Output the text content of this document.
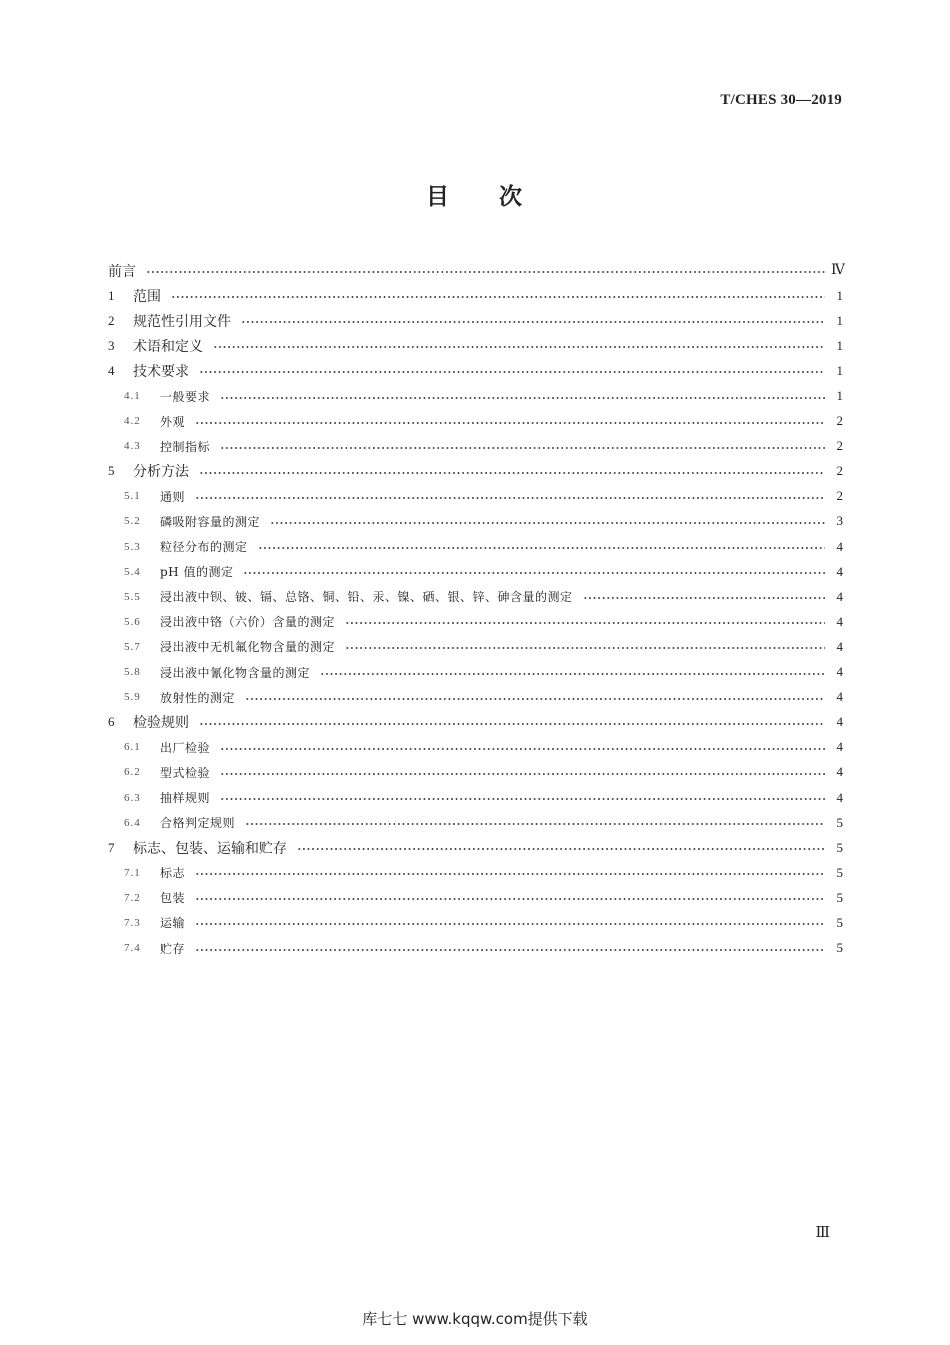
T/CHES 30—2019
目 次
前言	Ⅳ
1	范围	1
2	规范性引用文件	1
3	术语和定义	1
4	技术要求	1
4.1	一般要求	1
4.2	外观	2
4.3	控制指标	2
5	分析方法	2
5.1	通则	2
5.2	磷吸附容量的测定	3
5.3	粒径分布的测定	4
5.4	pH 值的测定	4
5.5	浸出液中钡、铍、镉、总铬、铜、铅、汞、镍、硒、银、锌、砷含量的测定	4
5.6	浸出液中铬（六价）含量的测定	4
5.7	浸出液中无机氟化物含量的测定	4
5.8	浸出液中氰化物含量的测定	4
5.9	放射性的测定	4
6	检验规则	4
6.1	出厂检验	4
6.2	型式检验	4
6.3	抽样规则	4
6.4	合格判定规则	5
7	标志、包装、运输和贮存	5
7.1	标志	5
7.2	包装	5
7.3	运输	5
7.4	贮存	5
Ⅲ
库七七 www.kqqw.com提供下载
